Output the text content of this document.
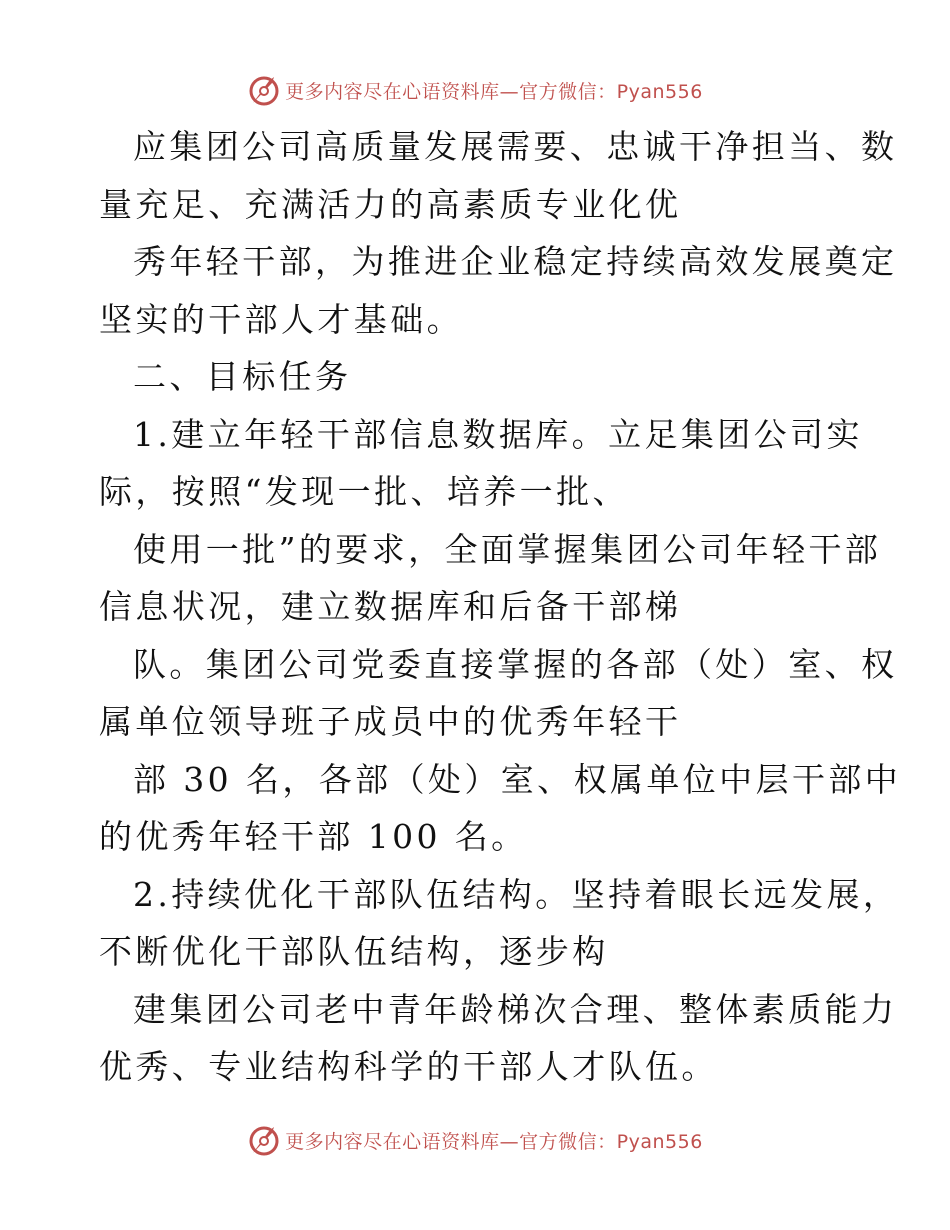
更多内容尽在心语资料库—官方微信：Pyan556
应集团公司高质量发展需要、忠诚干净担当、数
量充足、充满活力的高素质专业化优
秀年轻干部，为推进企业稳定持续高效发展奠定
坚实的干部人才基础。
二、目标任务
1.建立年轻干部信息数据库。立足集团公司实
际，按照“发现一批、培养一批、
使用一批”的要求，全面掌握集团公司年轻干部
信息状况，建立数据库和后备干部梯
队。集团公司党委直接掌握的各部（处）室、权
属单位领导班子成员中的优秀年轻干
部 30 名，各部（处）室、权属单位中层干部中
的优秀年轻干部 100 名。
2.持续优化干部队伍结构。坚持着眼长远发展，
不断优化干部队伍结构，逐步构
建集团公司老中青年龄梯次合理、整体素质能力
优秀、专业结构科学的干部人才队伍。
更多内容尽在心语资料库—官方微信：Pyan556
